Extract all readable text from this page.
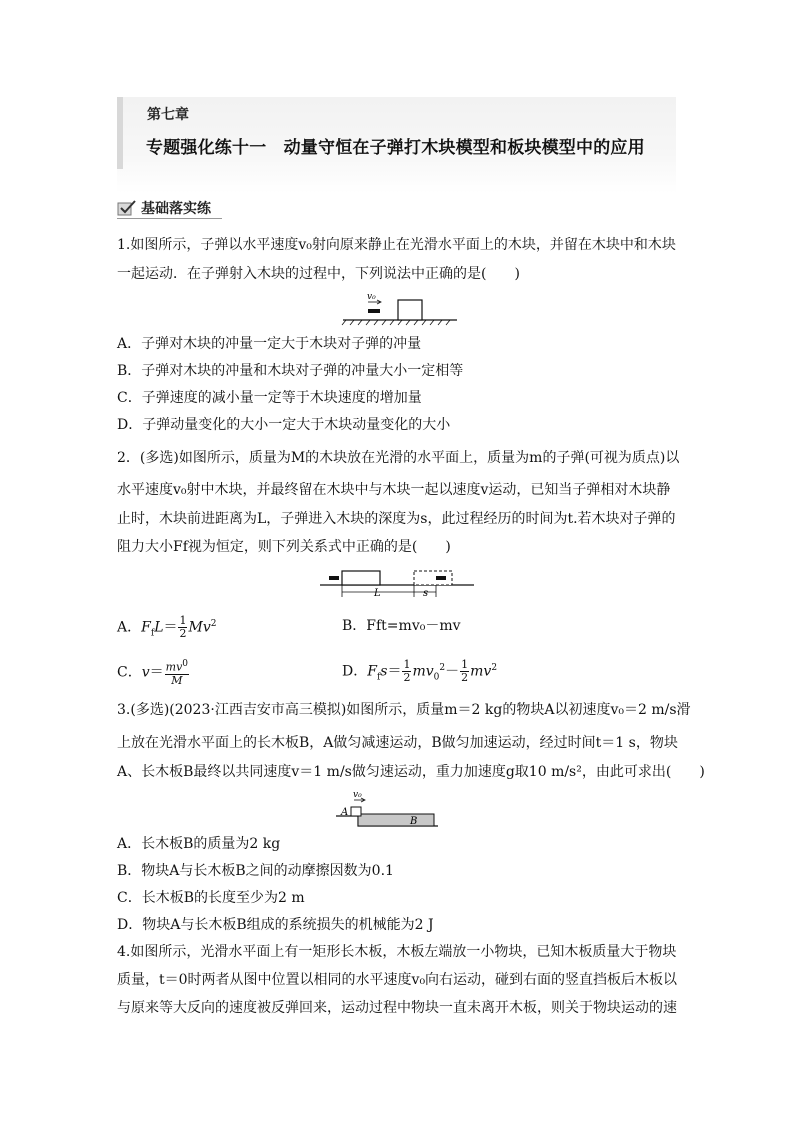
第七章
专题强化练十一　动量守恒在子弹打木块模型和板块模型中的应用
基础落实练
1.如图所示，子弹以水平速度v₀射向原来静止在光滑水平面上的木块，并留在木块中和木块
一起运动．在子弹射入木块的过程中，下列说法中正确的是(　　)
v₀
A．子弹对木块的冲量一定大于木块对子弹的冲量
B．子弹对木块的冲量和木块对子弹的冲量大小一定相等
C．子弹速度的减小量一定等于木块速度的增加量
D．子弹动量变化的大小一定大于木块动量变化的大小
2．(多选)如图所示，质量为M的木块放在光滑的水平面上，质量为m的子弹(可视为质点)以
水平速度v₀射中木块，并最终留在木块中与木块一起以速度v运动，已知当子弹相对木块静
止时，木块前进距离为L，子弹进入木块的深度为s，此过程经历的时间为t.若木块对子弹的
阻力大小Ff视为恒定，则下列关系式中正确的是(　　)
L	s
A．$F_fL= \frac{1}{2} Mv^2$	B．Fft=mv₀－mv
C．$v= \frac{mv^0}{M}$	D．$F_fs= \frac{1}{2} mv_0^2- \frac{1}{2} mv^2$
3.(多选)(2023·江西吉安市高三模拟)如图所示，质量m＝2 kg的物块A以初速度v₀＝2 m/s滑
上放在光滑水平面上的长木板B，A做匀减速运动，B做匀加速运动，经过时间t＝1 s，物块
A、长木板B最终以共同速度v＝1 m/s做匀速运动，重力加速度g取10 m/s²，由此可求出(　　)
v₀
A
B
A．长木板B的质量为2 kg
B．物块A与长木板B之间的动摩擦因数为0.1
C．长木板B的长度至少为2 m
D．物块A与长木板B组成的系统损失的机械能为2 J
4.如图所示，光滑水平面上有一矩形长木板，木板左端放一小物块，已知木板质量大于物块
质量，t＝0时两者从图中位置以相同的水平速度v₀向右运动，碰到右面的竖直挡板后木板以
与原来等大反向的速度被反弹回来，运动过程中物块一直未离开木板，则关于物块运动的速
